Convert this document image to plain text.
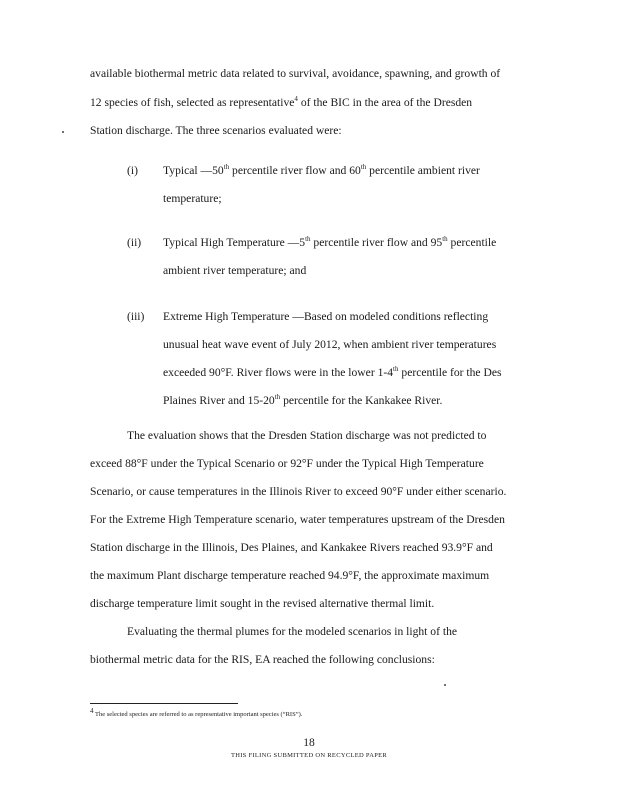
available biothermal metric data related to survival, avoidance, spawning, and growth of
12 species of fish, selected as representative$^4$ of the BIC in the area of the Dresden
Station discharge. The three scenarios evaluated were:
(i) Typical —50th percentile river flow and 60th percentile ambient river
temperature;
(ii) Typical High Temperature —5th percentile river flow and 95th percentile
ambient river temperature; and
(iii) Extreme High Temperature —Based on modeled conditions reflecting
unusual heat wave event of July 2012, when ambient river temperatures
exceeded 90°F. River flows were in the lower 1-4th percentile for the Des
Plaines River and 15-20th percentile for the Kankakee River.
The evaluation shows that the Dresden Station discharge was not predicted to
exceed 88°F under the Typical Scenario or 92°F under the Typical High Temperature
Scenario, or cause temperatures in the Illinois River to exceed 90°F under either scenario.
For the Extreme High Temperature scenario, water temperatures upstream of the Dresden
Station discharge in the Illinois, Des Plaines, and Kankakee Rivers reached 93.9°F and
the maximum Plant discharge temperature reached 94.9°F, the approximate maximum
discharge temperature limit sought in the revised alternative thermal limit.
Evaluating the thermal plumes for the modeled scenarios in light of the
biothermal metric data for the RIS, EA reached the following conclusions:
$^4$ The selected species are referred to as representative important species (“RIS”).
18
THIS FILING SUBMITTED ON RECYCLED PAPER
